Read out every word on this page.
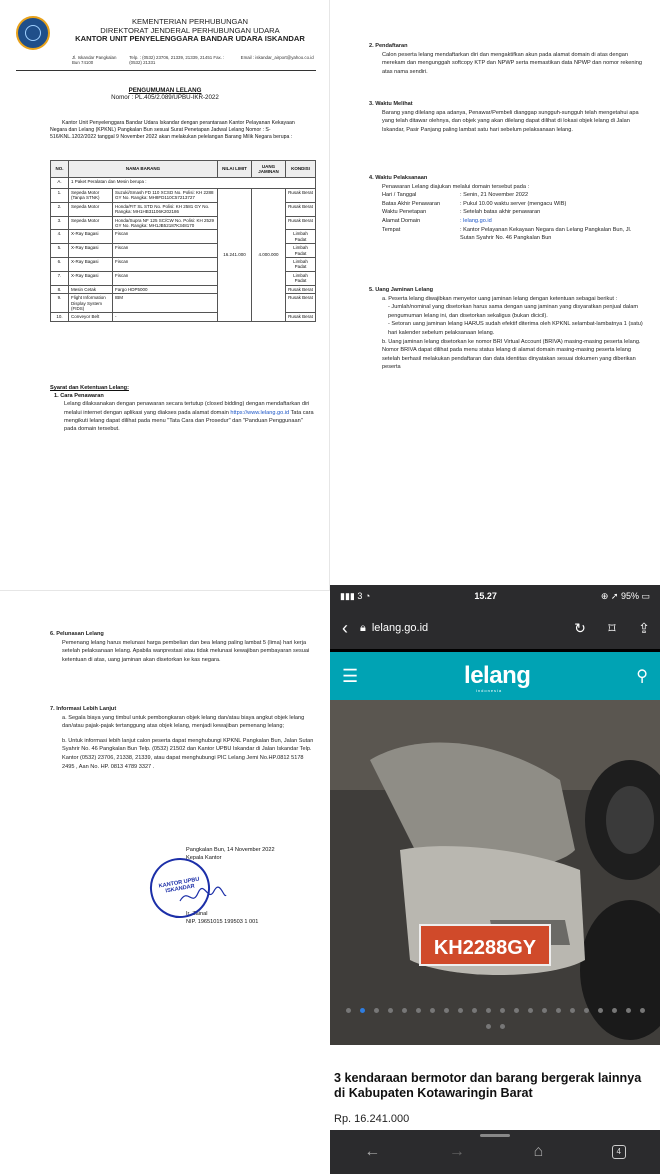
KEMENTERIAN PERHUBUNGAN
DIREKTORAT JENDERAL PERHUBUNGAN UDARA
KANTOR UNIT PENYELENGGARA BANDAR UDARA ISKANDAR
Jl. Iskandar Pangkalan Bun 74100
Telp. : (0532) 23706, 21339, 21339, 21451 Fax. : (0532) 21331
Email : iskandar_airport@yahoo.co.id
PENGUMUMAN LELANG
Nomor : PL.405/2.089/UPBU-IKR-2022
Kantor Unit Penyelenggara Bandar Udara Iskandar dengan perantaraan Kantor Pelayanan Kekayaan Negara dan Lelang (KPKNL) Pangkalan Bun sesuai Surat Penetapan Jadwal Lelang Nomor : S-516/KNL.1202/2022 tanggal 9 November 2022 akan melakukan pelelangan Barang Milik Negara berupa :
NO.	NAMA BARANG		NILAI LIMIT	UANG JAMINAN	KONDISI
A.	1 Paket Peralatan dan Mesin berupa :				
1.	Sepeda Motor (Tanpa STNK)	Suzuki/Smash FD 110 XCSD No. Polisi: KH 2288 GY No. Rangka: MH8FD110C57213727	16.241.000	4.000.000	Rusak Berat
2.	Sepeda Motor	Honda/FIT SL STD No. Polisi: KH 2581 GY No. Rangka: MH1HB31106K202186			Rusak Berat
3.	Sepeda Motor	Honda/Supra NF 125 SC/CW No. Polisi: KH 2529 GY No. Rangka: MH1JB52187K348170			Rusak Berat
4.	X-Ray Bagasi	Fiscan			Limbah Padat
5.	X-Ray Bagasi	Fiscan			Limbah Padat
6.	X-Ray Bagasi	Fiscan			Limbah Padat
7.	X-Ray Bagasi	Fiscan			Limbah Padat
8.	Mesin Cetak	Fargo HDP5000			Rusak Berat
9.	Flight Information Display System (FIDS)	IBM			Rusak Berat
10.	Conveyor Belt	-			Rusak Berat
Syarat dan Ketentuan Lelang:
1. Cara Penawaran

Lelang dilaksanakan dengan penawaran secara tertutup (closed bidding) dengan mendaftarkan diri melalui internet dengan aplikasi yang diakses pada alamat domain https://www.lelang.go.id Tata cara mengikuti lelang dapat dilihat pada menu "Tata Cara dan Prosedur" dan "Panduan Penggunaan" pada domain tersebut.

2. Pendaftaran
Calon peserta lelang mendaftarkan diri dan mengaktifkan akun pada alamat domain di atas dengan merekam dan mengunggah softcopy KTP dan NPWP serta memastikan data NPWP dan nomor rekening atas nama sendiri.
3. Waktu Melihat
Barang yang dilelang apa adanya, Penawar/Pembeli dianggap sungguh-sungguh telah mengetahui apa yang telah ditawar olehnya, dan objek yang akan dilelang dapat dilihat di lokasi objek lelang di Jalan Iskandar, Pasir Panjang paling lambat satu hari sebelum pelaksanaan lelang.
4. Waktu Pelaksanaan
Penawaran Lelang diajukan melalui domain tersebut pada :
Hari / Tanggal	: Senin, 21 November 2022
Batas Akhir Penawaran	: Pukul 10.00 waktu server (mengacu WIB)
Waktu Penetapan	: Setelah batas akhir penawaran
Alamat Domain	: lelang.go.id
Tempat	: Kantor Pelayanan Kekayaan Negara dan Lelang Pangkalan Bun, Jl. Sutan Syahrir No. 46 Pangkalan Bun
5. Uang Jaminan Lelang
a. Peserta lelang diwajibkan menyetor uang jaminan lelang dengan ketentuan sebagai berikut :
- Jumlah/nominal yang disetorkan harus sama dengan uang jaminan yang disyaratkan penjual dalam pengumuman lelang ini, dan disetorkan sekaligus (bukan dicicil).
- Setoran uang jaminan lelang HARUS sudah efektif diterima oleh KPKNL selambat-lambatnya 1 (satu) hari kalender sebelum pelaksanaan lelang.
b. Uang jaminan lelang disetorkan ke nomor BRI Virtual Account (BRIVA) masing-masing peserta lelang. Nomor BRIVA dapat dilihat pada menu status lelang di alamat domain masing-masing peserta lelang setelah berhasil melakukan pendaftaran dan data identitas dinyatakan sesuai dokumen yang diberikan peserta
6. Pelunasan Lelang
Pemenang lelang harus melunasi harga pembelian dan bea lelang paling lambat 5 (lima) hari kerja setelah pelaksanaan lelang. Apabila wanprestasi atau tidak melunasi kewajiban pembayaran sesuai ketentuan di atas, uang jaminan akan disetorkan ke kas negara.
7. Informasi Lebih Lanjut
a. Segala biaya yang timbul untuk pembongkaran objek lelang dan/atau biaya angkut objek lelang dan/atau pajak-pajak tertanggung atas objek lelang, menjadi kewajiban pemenang lelang;
b. Untuk informasi lebih lanjut calon peserta dapat menghubungi KPKNL Pangkalan Bun, Jalan Sutan Syahrir No. 46 Pangkalan Bun Telp. (0532) 21502 dan Kantor UPBU Iskandar di Jalan Iskandar Telp. Kantor (0532) 23706, 21338, 21339, atau dapat menghubungi PIC Lelang Jemi No.HP.0812 5178 2495 , Aan No. HP. 0813 4789 3327 .
Pangkalan Bun, 14 November 2022
Kepala Kantor
Ir. Zainal
NIP. 19651015 199503 1 001
KANTOR UPBU ISKANDAR
▮▮▮ 3 ◔	15.27	⊕ ➚ 95% ▭
‹	🔒︎ lelang.go.id	↻	⌑	⇪
☰	lelang
indonesia
⚲
KH2288GY
3 kendaraan bermotor dan barang bergerak lainnya di Kabupaten Kotawaringin Barat
Rp. 16.241.000
←	→	⌂	4
